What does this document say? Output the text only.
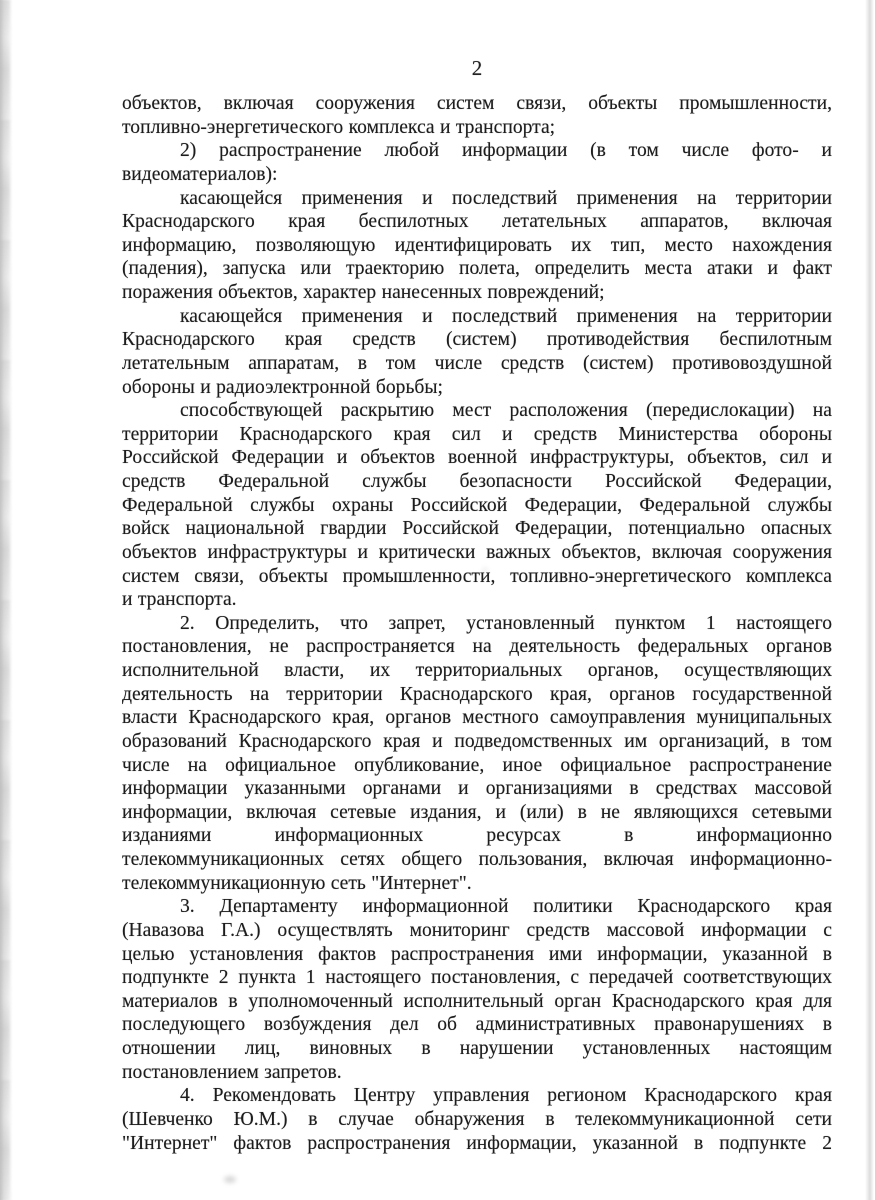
2
объектов, включая сооружения систем связи, объекты промышленности,
топливно-энергетического комплекса и транспорта;
2) распространение любой информации (в том числе фото- и
видеоматериалов):
касающейся применения и последствий применения на территории
Краснодарского края беспилотных летательных аппаратов, включая
информацию, позволяющую идентифицировать их тип, место нахождения
(падения), запуска или траекторию полета, определить места атаки и факт
поражения объектов, характер нанесенных повреждений;
касающейся применения и последствий применения на территории
Краснодарского края средств (систем) противодействия беспилотным
летательным аппаратам, в том числе средств (систем) противовоздушной
обороны и радиоэлектронной борьбы;
способствующей раскрытию мест расположения (передислокации) на
территории Краснодарского края сил и средств Министерства обороны
Российской Федерации и объектов военной инфраструктуры, объектов, сил и
средств Федеральной службы безопасности Российской Федерации,
Федеральной службы охраны Российской Федерации, Федеральной службы
войск национальной гвардии Российской Федерации, потенциально опасных
объектов инфраструктуры и критически важных объектов, включая сооружения
систем связи, объекты промышленности, топливно-энергетического комплекса
и транспорта.
2. Определить, что запрет, установленный пунктом 1 настоящего
постановления, не распространяется на деятельность федеральных органов
исполнительной власти, их территориальных органов, осуществляющих
деятельность на территории Краснодарского края, органов государственной
власти Краснодарского края, органов местного самоуправления муниципальных
образований Краснодарского края и подведомственных им организаций, в том
числе на официальное опубликование, иное официальное распространение
информации указанными органами и организациями в средствах массовой
информации, включая сетевые издания, и (или) в не являющихся сетевыми
изданиями информационных ресурсах в информационно
телекоммуникационных сетях общего пользования, включая информационно-
телекоммуникационную сеть "Интернет".
3. Департаменту информационной политики Краснодарского края
(Навазова Г.А.) осуществлять мониторинг средств массовой информации с
целью установления фактов распространения ими информации, указанной в
подпункте 2 пункта 1 настоящего постановления, с передачей соответствующих
материалов в уполномоченный исполнительный орган Краснодарского края для
последующего возбуждения дел об административных правонарушениях в
отношении лиц, виновных в нарушении установленных настоящим
постановлением запретов.
4. Рекомендовать Центру управления регионом Краснодарского края
(Шевченко Ю.М.) в случае обнаружения в телекоммуникационной сети
"Интернет" фактов распространения информации, указанной в подпункте 2
